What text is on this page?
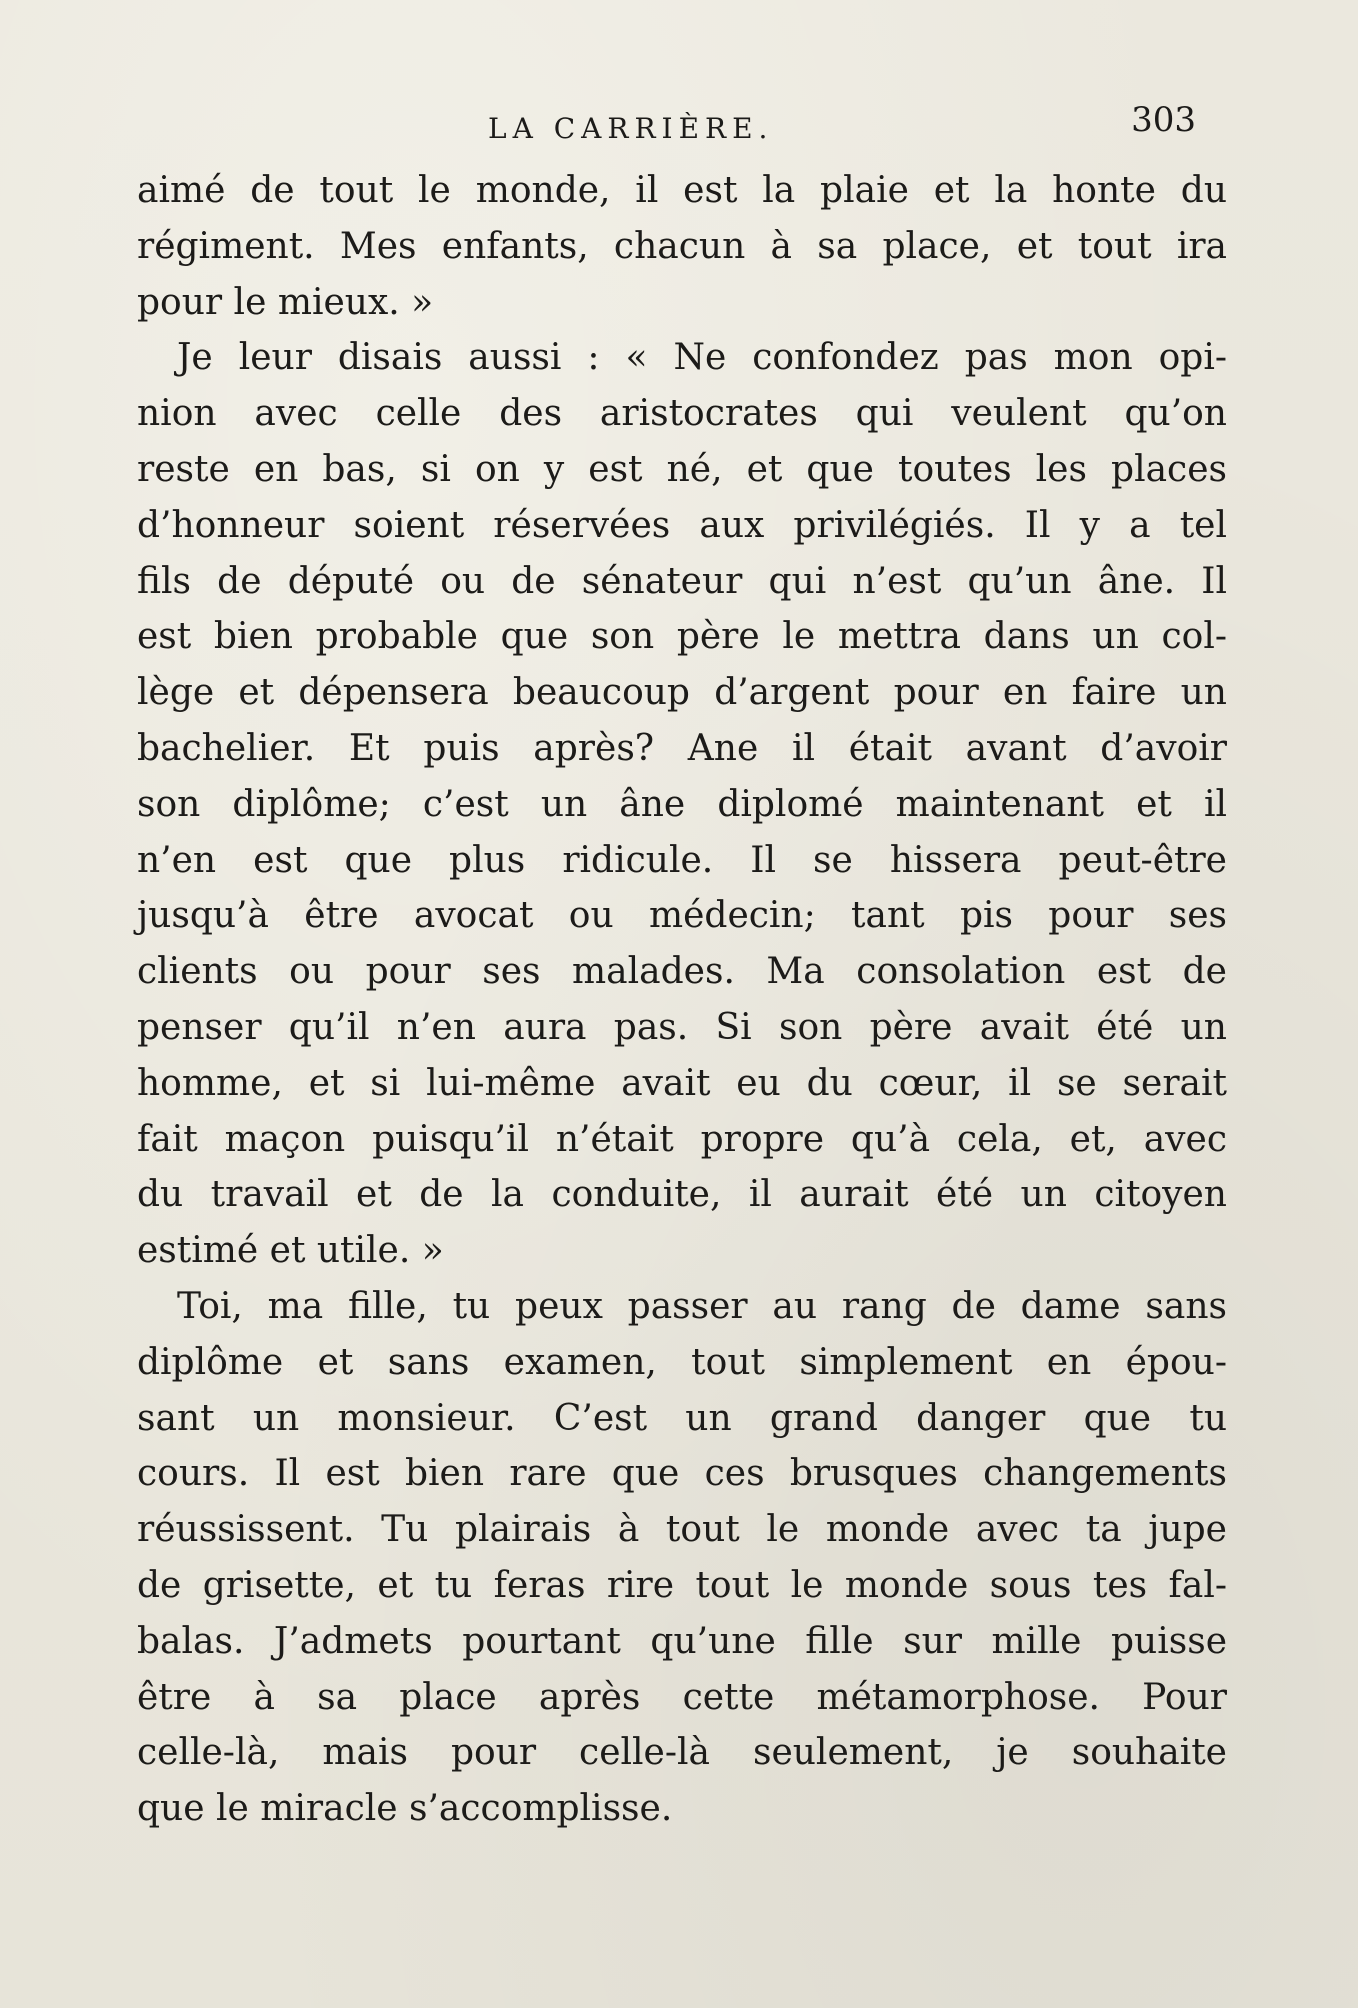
LA CARRIÈRE.	303
aimé de tout le monde, il est la plaie et la honte du
régiment. Mes enfants, chacun à sa place, et tout ira
pour le mieux. »
Je leur disais aussi : « Ne confondez pas mon opi-
nion avec celle des aristocrates qui veulent qu’on
reste en bas, si on y est né, et que toutes les places
d’honneur soient réservées aux privilégiés. Il y a tel
fils de député ou de sénateur qui n’est qu’un âne. Il
est bien probable que son père le mettra dans un col-
lège et dépensera beaucoup d’argent pour en faire un
bachelier. Et puis après? Ane il était avant d’avoir
son diplôme; c’est un âne diplomé maintenant et il
n’en est que plus ridicule. Il se hissera peut-être
jusqu’à être avocat ou médecin; tant pis pour ses
clients ou pour ses malades. Ma consolation est de
penser qu’il n’en aura pas. Si son père avait été un
homme, et si lui-même avait eu du cœur, il se serait
fait maçon puisqu’il n’était propre qu’à cela, et, avec
du travail et de la conduite, il aurait été un citoyen
estimé et utile. »
Toi, ma fille, tu peux passer au rang de dame sans
diplôme et sans examen, tout simplement en épou-
sant un monsieur. C’est un grand danger que tu
cours. Il est bien rare que ces brusques changements
réussissent. Tu plairais à tout le monde avec ta jupe
de grisette, et tu feras rire tout le monde sous tes fal-
balas. J’admets pourtant qu’une fille sur mille puisse
être à sa place après cette métamorphose. Pour
celle-là, mais pour celle-là seulement, je souhaite
que le miracle s’accomplisse.
